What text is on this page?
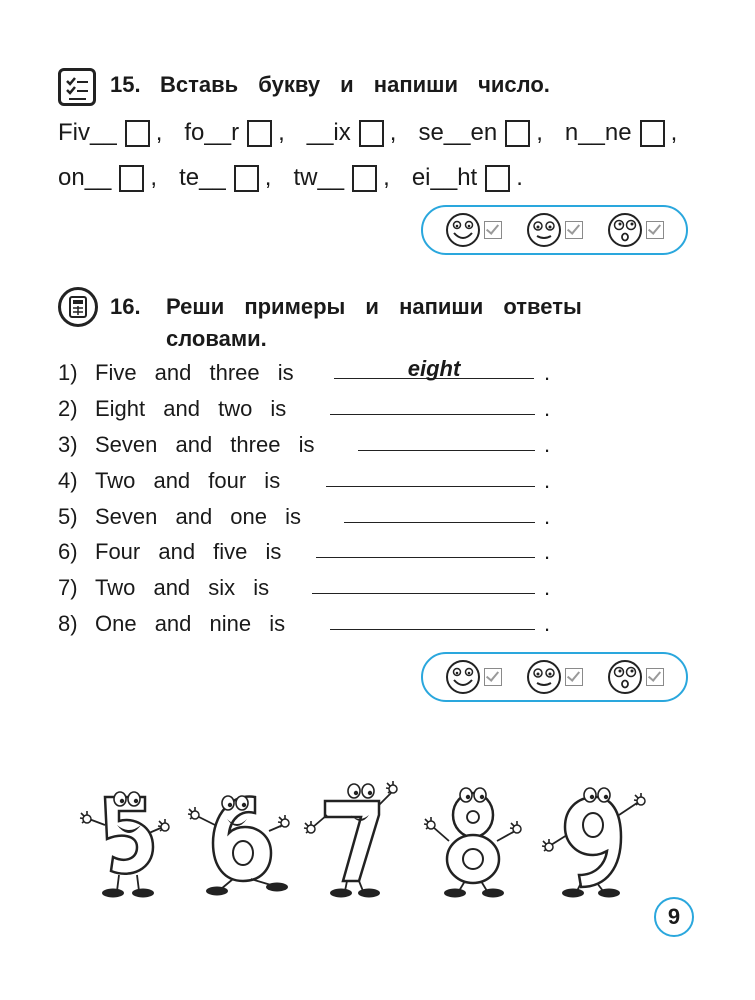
15. Вставь букву и напиши число.
Fiv__ , fo__r , __ix , se__en , n__ne ,
on__ , te__ , tw__ , ei__ht .
16. Реши примеры и напиши ответы
словами.
1) Five and three is	eight	.
2) Eight and two is	.
3) Seven and three is	.
4) Two and four is	.
5) Seven and one is	.
6) Four and five is	.
7) Two and six is	.
8) One and nine is	.
9
